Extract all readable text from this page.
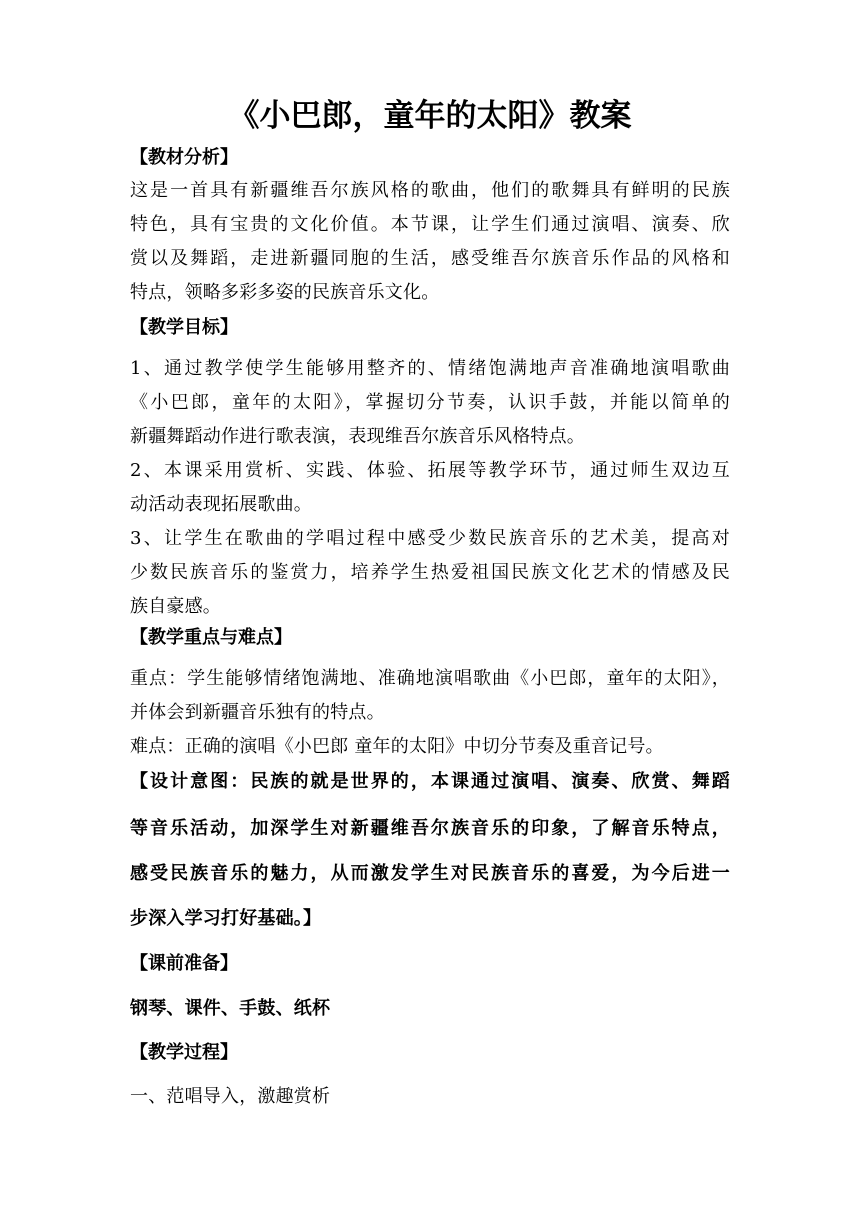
《小巴郎，童年的太阳》教案
【教材分析】
这是一首具有新疆维吾尔族风格的歌曲，他们的歌舞具有鲜明的民族
特色，具有宝贵的文化价值。本节课，让学生们通过演唱、演奏、欣
赏以及舞蹈，走进新疆同胞的生活，感受维吾尔族音乐作品的风格和
特点，领略多彩多姿的民族音乐文化。
【教学目标】
1、通过教学使学生能够用整齐的、情绪饱满地声音准确地演唱歌曲
《小巴郎，童年的太阳》，掌握切分节奏，认识手鼓，并能以简单的
新疆舞蹈动作进行歌表演，表现维吾尔族音乐风格特点。
2、本课采用赏析、实践、体验、拓展等教学环节，通过师生双边互
动活动表现拓展歌曲。
3、让学生在歌曲的学唱过程中感受少数民族音乐的艺术美，提高对
少数民族音乐的鉴赏力，培养学生热爱祖国民族文化艺术的情感及民
族自豪感。
【教学重点与难点】
重点：学生能够情绪饱满地、准确地演唱歌曲《小巴郎，童年的太阳》，
并体会到新疆音乐独有的特点。
难点：正确的演唱《小巴郎 童年的太阳》中切分节奏及重音记号。
【设计意图：民族的就是世界的，本课通过演唱、演奏、欣赏、舞蹈
等音乐活动，加深学生对新疆维吾尔族音乐的印象，了解音乐特点，
感受民族音乐的魅力，从而激发学生对民族音乐的喜爱，为今后进一
步深入学习打好基础。】
【课前准备】
钢琴、课件、手鼓、纸杯
【教学过程】
一、范唱导入，激趣赏析
